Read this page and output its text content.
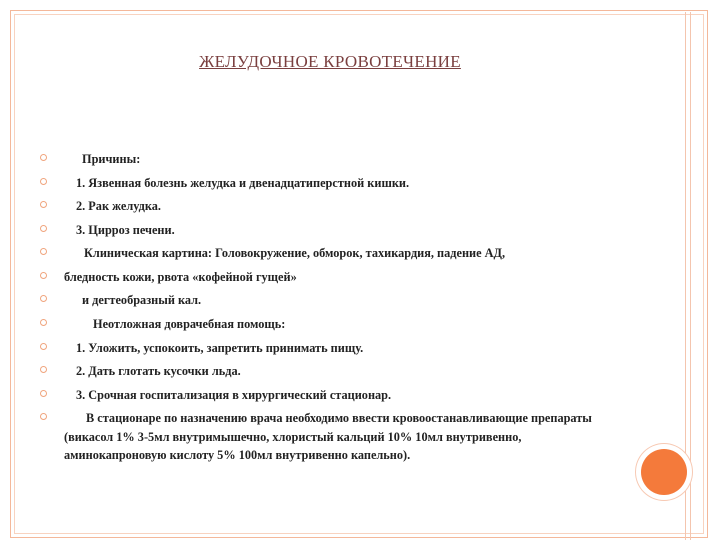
ЖЕЛУДОЧНОЕ КРОВОТЕЧЕНИЕ
Причины:
1. Язвенная болезнь желудка и двенадцатиперстной кишки.
2. Рак желудка.
3. Цирроз печени.
Клиническая картина: Головокружение, обморок, тахикардия, падение АД,
бледность кожи, рвота «кофейной гущей»
и дегтеобразный кал.
Неотложная доврачебная помощь:
1. Уложить, успокоить, запретить принимать пищу.
2. Дать глотать кусочки льда.
3. Срочная госпитализация в хирургический стационар.
В стационаре по назначению врача необходимо ввести кровоостанавливающие препараты (викасол 1% 3-5мл внутримышечно, хлористый кальций 10% 10мл внутривенно, аминокапроновую кислоту 5% 100мл внутривенно капельно).
